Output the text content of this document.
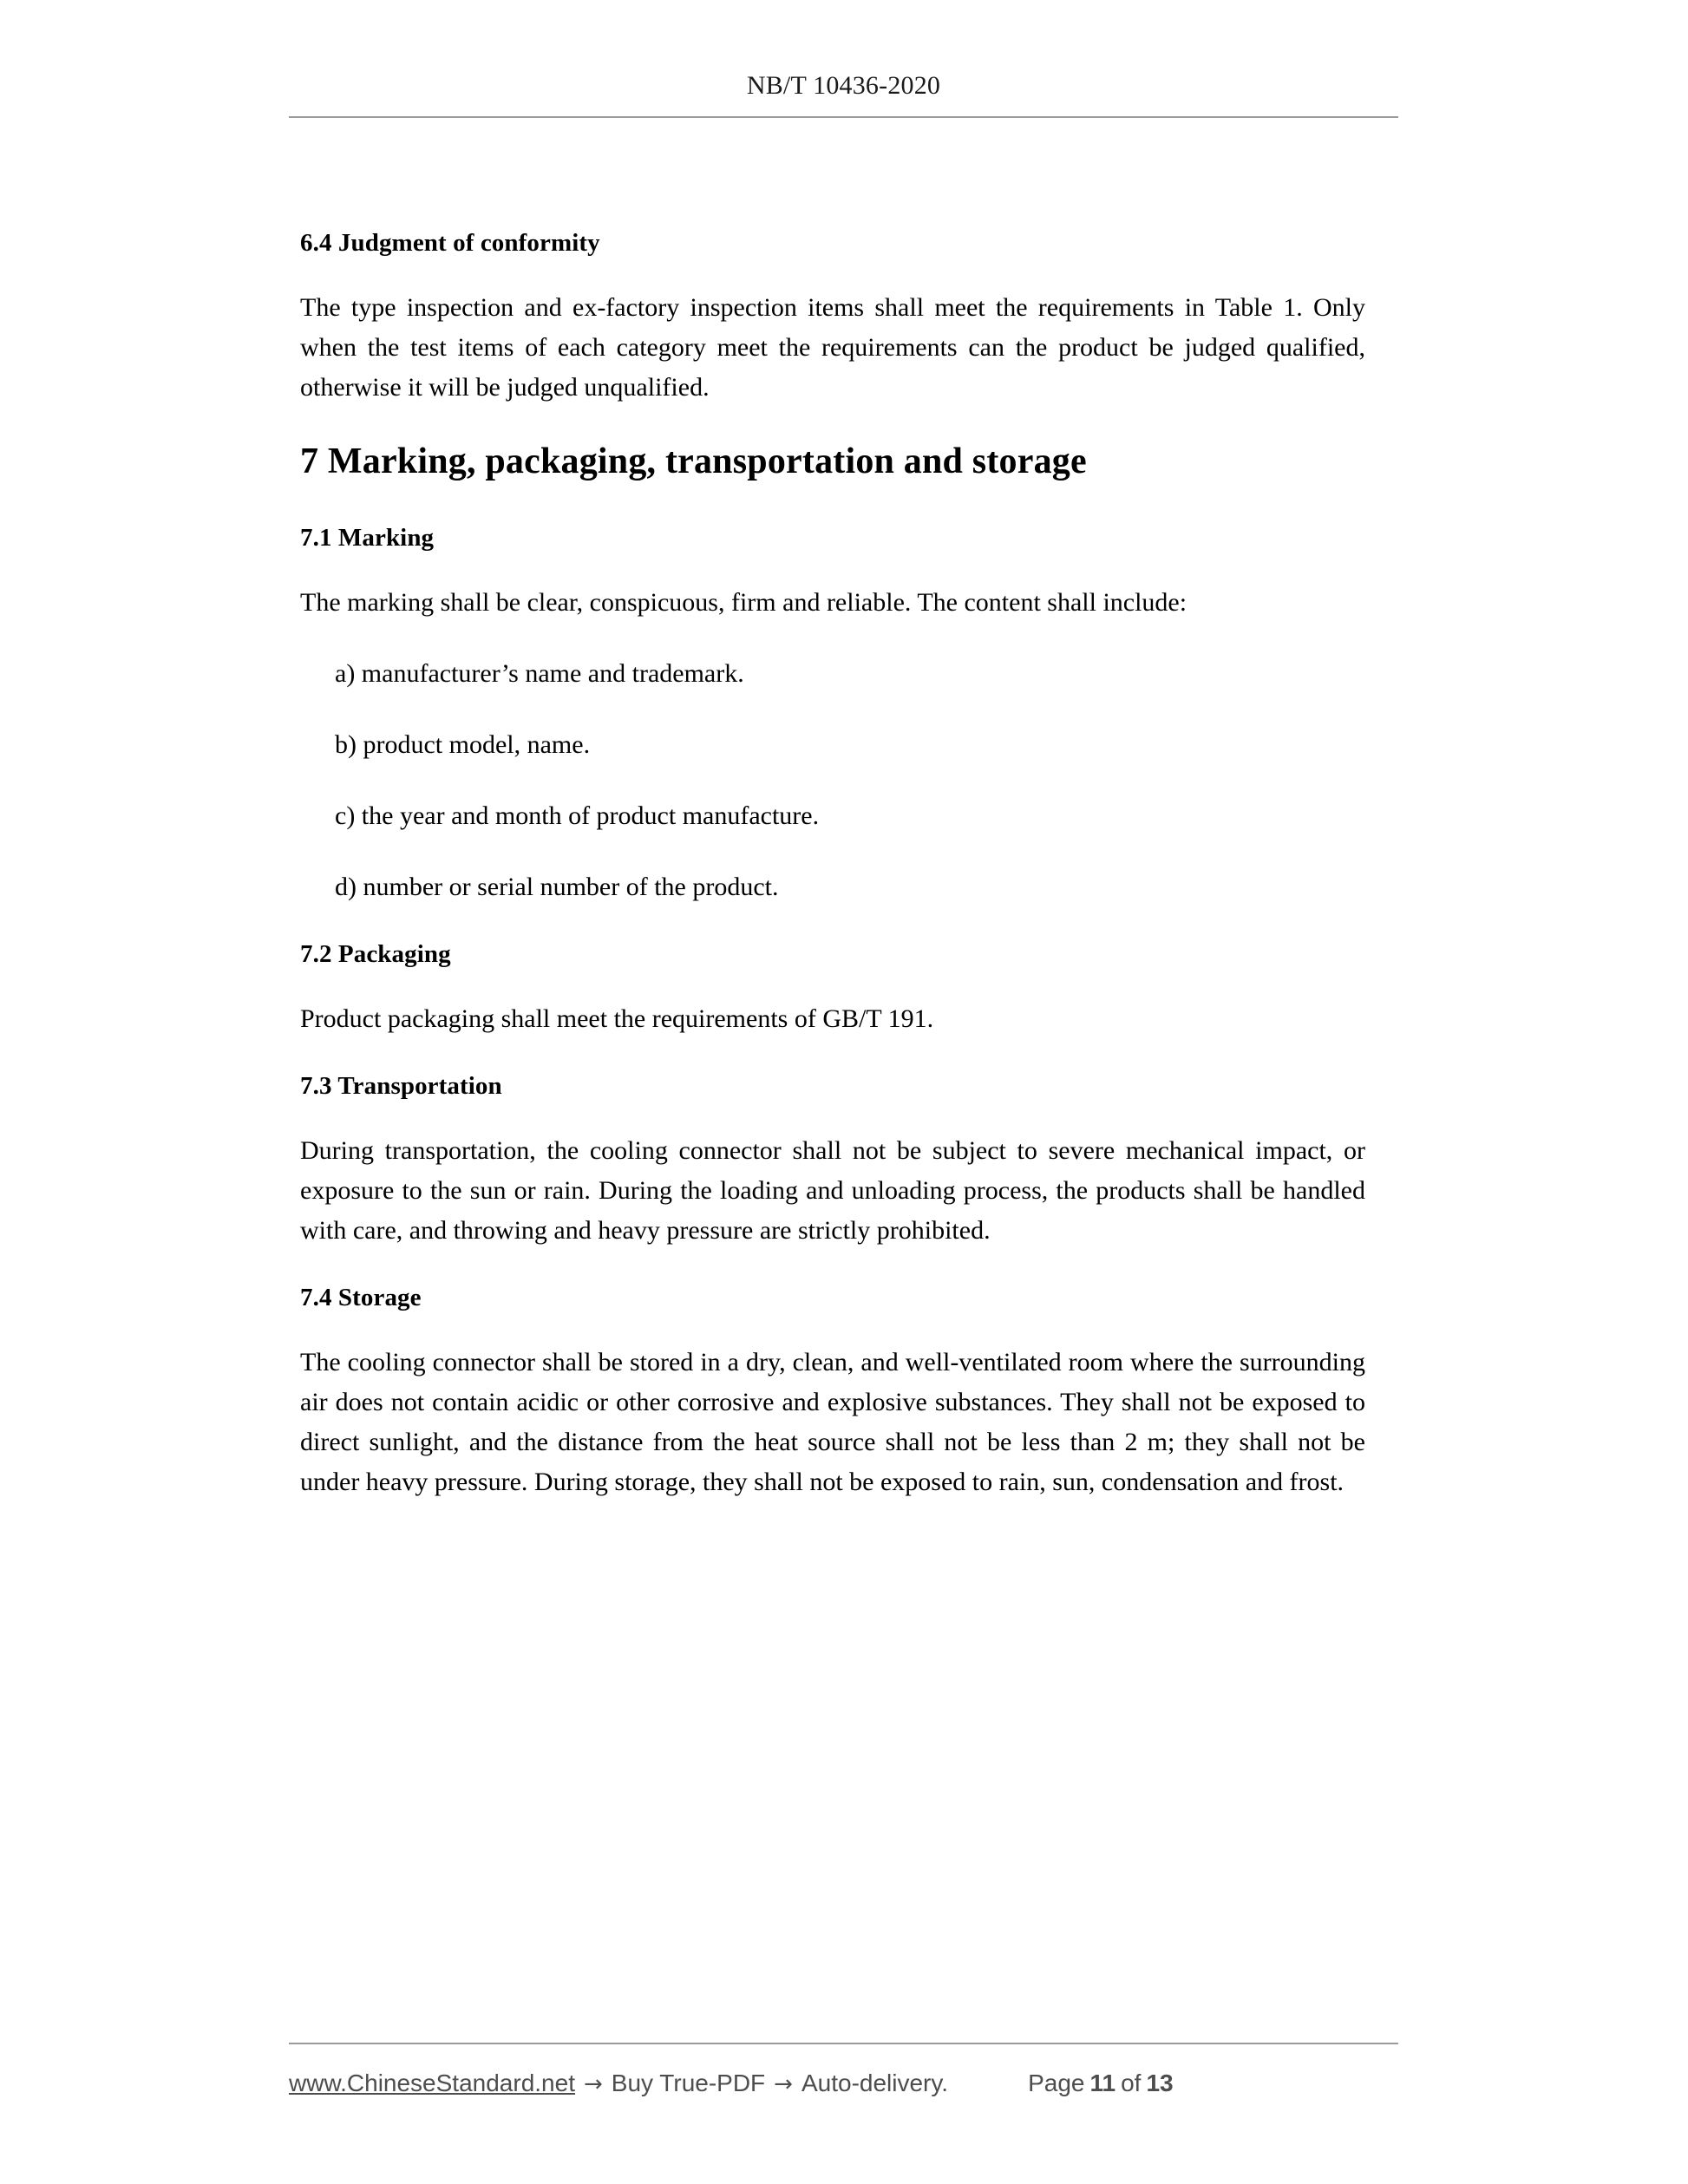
NB/T 10436-2020
6.4 Judgment of conformity

The type inspection and ex-factory inspection items shall meet the requirements in Table 1. Only when the test items of each category meet the requirements can the product be judged qualified, otherwise it will be judged unqualified.

7 Marking, packaging, transportation and storage
7.1 Marking

The marking shall be clear, conspicuous, firm and reliable. The content shall include:

a) manufacturer’s name and trademark.

b) product model, name.

c) the year and month of product manufacture.

d) number or serial number of the product.

7.2 Packaging

Product packaging shall meet the requirements of GB/T 191.

7.3 Transportation

During transportation, the cooling connector shall not be subject to severe mechanical impact, or exposure to the sun or rain. During the loading and unloading process, the products shall be handled with care, and throwing and heavy pressure are strictly prohibited.

7.4 Storage

The cooling connector shall be stored in a dry, clean, and well-ventilated room where the surrounding air does not contain acidic or other corrosive and explosive substances. They shall not be exposed to direct sunlight, and the distance from the heat source shall not be less than 2 m; they shall not be under heavy pressure. During storage, they shall not be exposed to rain, sun, condensation and frost.

www.ChineseStandard.net → Buy True-PDF → Auto-delivery.	Page 11 of 13
